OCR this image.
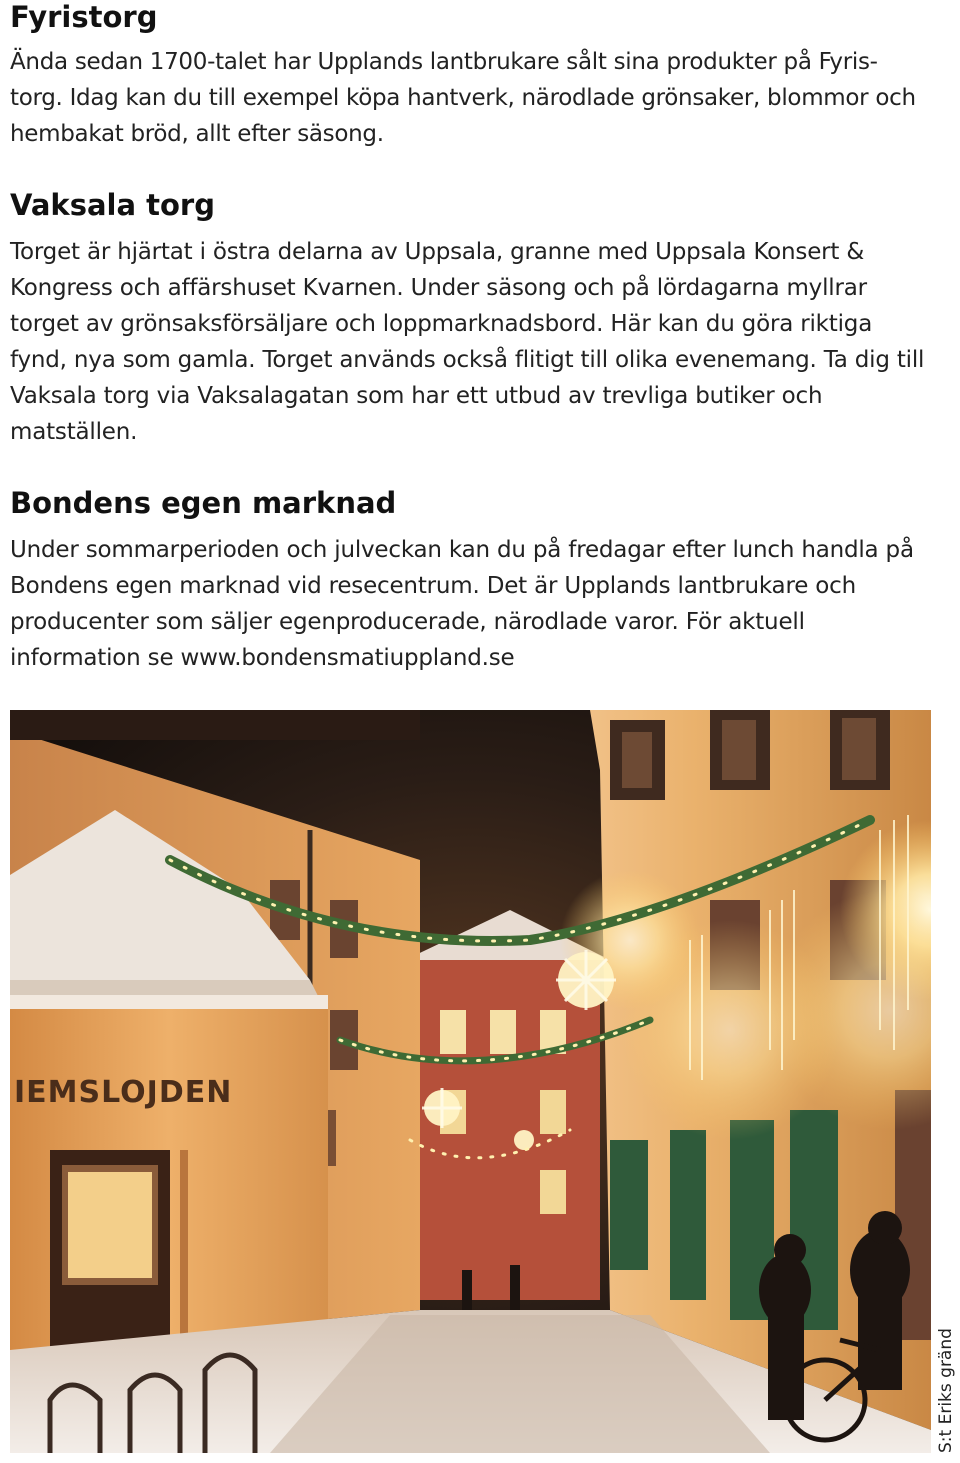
Fyristorg

Ända sedan 1700-talet har Upplands lantbrukare sålt sina produkter på Fyris-torg. Idag kan du till exempel köpa hantverk, närodlade grönsaker, blommor och hembakat bröd, allt efter säsong.

Vaksala torg

Torget är hjärtat i östra delarna av Uppsala, granne med Uppsala Konsert & Kongress och affärshuset Kvarnen. Under säsong och på lördagarna myllrar torget av grönsaksförsäljare och loppmarknadsbord. Här kan du göra riktiga fynd, nya som gamla. Torget används också flitigt till olika evenemang. Ta dig till Vaksala torg via Vaksalagatan som har ett utbud av trevliga butiker och matställen.

Bondens egen marknad

Under sommarperioden och julveckan kan du på fredagar efter lunch handla på Bondens egen marknad vid resecentrum. Det är Upplands lantbrukare och producenter som säljer egenproducerade, närodlade varor. För aktuell information se www.bondensmatiuppland.se

IEMSLOJDEN
S:t Eriks gränd
